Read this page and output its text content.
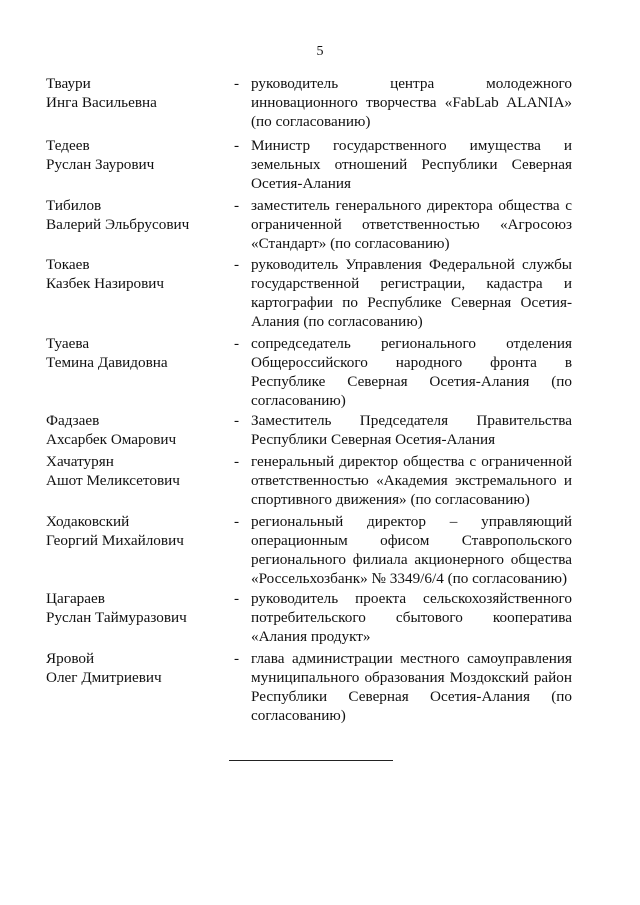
5
Тваури
Инга Васильевна
- руководитель центра молодежного инновационного творчества «FabLab ALANIA» (по согласованию)
Тедеев
Руслан Заурович
- Министр государственного имущества и земельных отношений Республики Северная Осетия-Алания
Тибилов
Валерий Эльбрусович
- заместитель генерального директора общества с ограниченной ответственностью «Агросоюз «Стандарт» (по согласованию)
Токаев
Казбек Назирович
- руководитель Управления Федеральной службы государственной регистрации, кадастра и картографии по Республике Северная Осетия-Алания (по согласованию)
Туаева
Темина Давидовна
- сопредседатель регионального отделения Общероссийского народного фронта в Республике Северная Осетия-Алания (по согласованию)
Фадзаев
Ахсарбек Омарович
- Заместитель Председателя Правительства Республики Северная Осетия-Алания
Хачатурян
Ашот Меликсетович
- генеральный директор общества с ограниченной ответственностью «Академия экстремального и спортивного движения» (по согласованию)
Ходаковский
Георгий Михайлович
- региональный директор – управляющий операционным офисом Ставропольского регионального филиала акционерного общества «Россельхозбанк» № 3349/6/4 (по согласованию)
Цагараев
Руслан Таймуразович
- руководитель проекта сельскохозяйственного потребительского сбытового кооператива «Алания продукт»
Яровой
Олег Дмитриевич
- глава администрации местного самоуправления муниципального образования Моздокский район Республики Северная Осетия-Алания (по согласованию)
